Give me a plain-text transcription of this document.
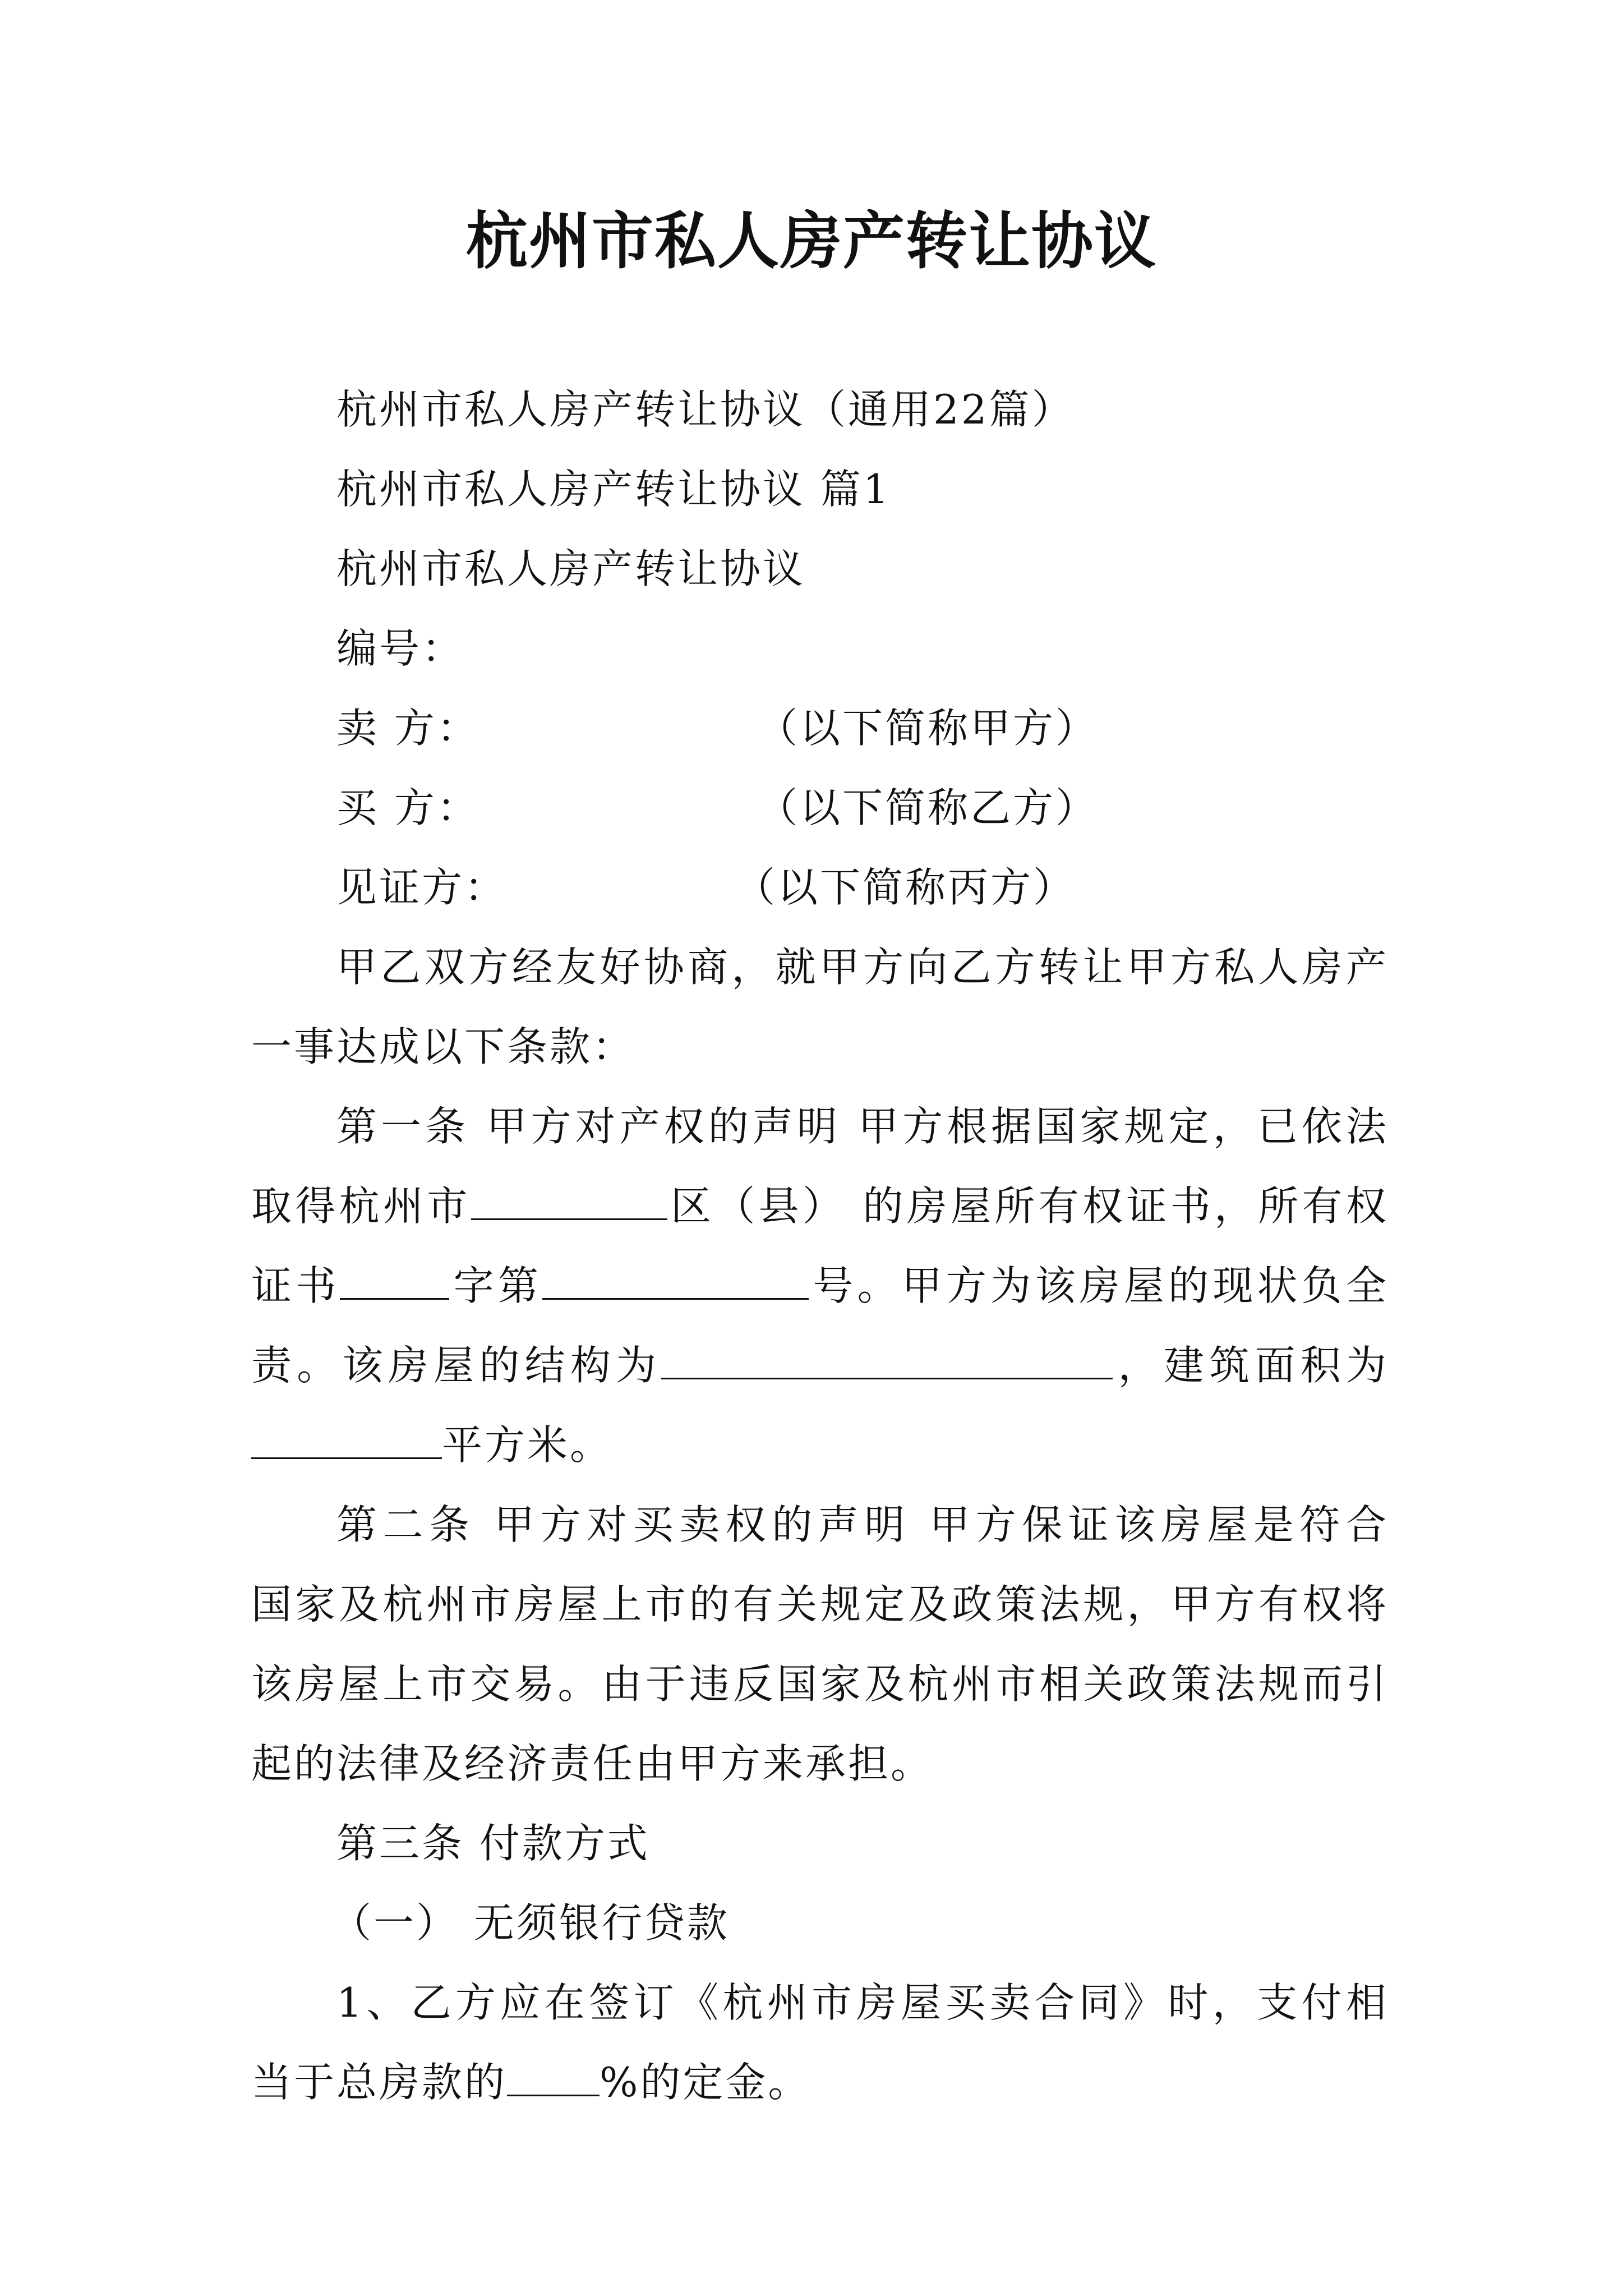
杭州市私人房产转让协议
杭州市私人房产转让协议（通用22篇）
杭州市私人房产转让协议 篇1
杭州市私人房产转让协议
编号：
卖 方：	（以下简称甲方）
买 方：	（以下简称乙方）
见证方：	（以下简称丙方）
甲乙双方经友好协商，就甲方向乙方转让甲方私人房产
一事达成以下条款：
第一条 甲方对产权的声明 甲方根据国家规定，已依法
取得杭州市	区（县） 的房屋所有权证书，所有权
证书	字第	号。甲方为该房屋的现状负全
责。该房屋的结构为	，建筑面积为
平方米。
第二条 甲方对买卖权的声明 甲方保证该房屋是符合
国家及杭州市房屋上市的有关规定及政策法规，甲方有权将
该房屋上市交易。由于违反国家及杭州市相关政策法规而引
起的法律及经济责任由甲方来承担。
第三条 付款方式
（一） 无须银行贷款
1、乙方应在签订《杭州市房屋买卖合同》时，支付相
当于总房款的 %的定金。
